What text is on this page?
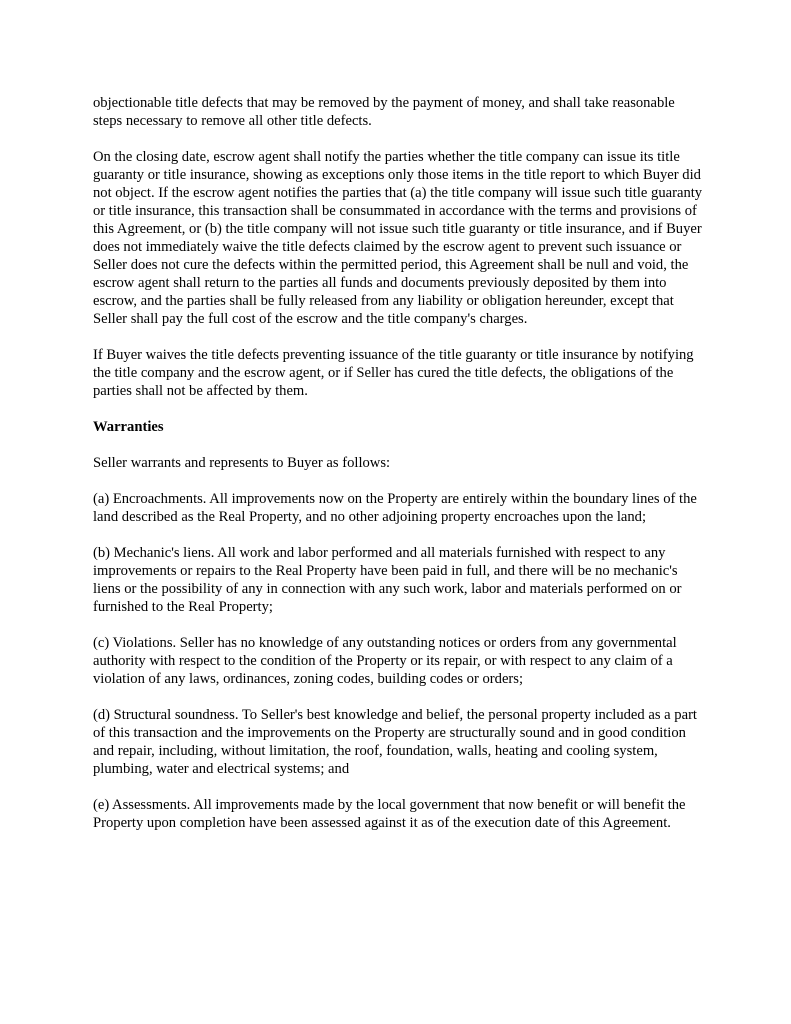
objectionable title defects that may be removed by the payment of money, and shall take reasonable steps necessary to remove all other title defects.

On the closing date, escrow agent shall notify the parties whether the title company can issue its title guaranty or title insurance, showing as exceptions only those items in the title report to which Buyer did not object. If the escrow agent notifies the parties that (a) the title company will issue such title guaranty or title insurance, this transaction shall be consummated in accordance with the terms and provisions of this Agreement, or (b) the title company will not issue such title guaranty or title insurance, and if Buyer does not immediately waive the title defects claimed by the escrow agent to prevent such issuance or Seller does not cure the defects within the permitted period, this Agreement shall be null and void, the escrow agent shall return to the parties all funds and documents previously deposited by them into escrow, and the parties shall be fully released from any liability or obligation hereunder, except that Seller shall pay the full cost of the escrow and the title company's charges.

If Buyer waives the title defects preventing issuance of the title guaranty or title insurance by notifying the title company and the escrow agent, or if Seller has cured the title defects, the obligations of the parties shall not be affected by them.

Warranties

Seller warrants and represents to Buyer as follows:

(a) Encroachments. All improvements now on the Property are entirely within the boundary lines of the land described as the Real Property, and no other adjoining property encroaches upon the land;

(b) Mechanic's liens. All work and labor performed and all materials furnished with respect to any improvements or repairs to the Real Property have been paid in full, and there will be no mechanic's liens or the possibility of any in connection with any such work, labor and materials performed on or furnished to the Real Property;

(c) Violations. Seller has no knowledge of any outstanding notices or orders from any governmental authority with respect to the condition of the Property or its repair, or with respect to any claim of a violation of any laws, ordinances, zoning codes, building codes or orders;

(d) Structural soundness. To Seller's best knowledge and belief, the personal property included as a part of this transaction and the improvements on the Property are structurally sound and in good condition and repair, including, without limitation, the roof, foundation, walls, heating and cooling system, plumbing, water and electrical systems; and

(e) Assessments. All improvements made by the local government that now benefit or will benefit the Property upon completion have been assessed against it as of the execution date of this Agreement.
